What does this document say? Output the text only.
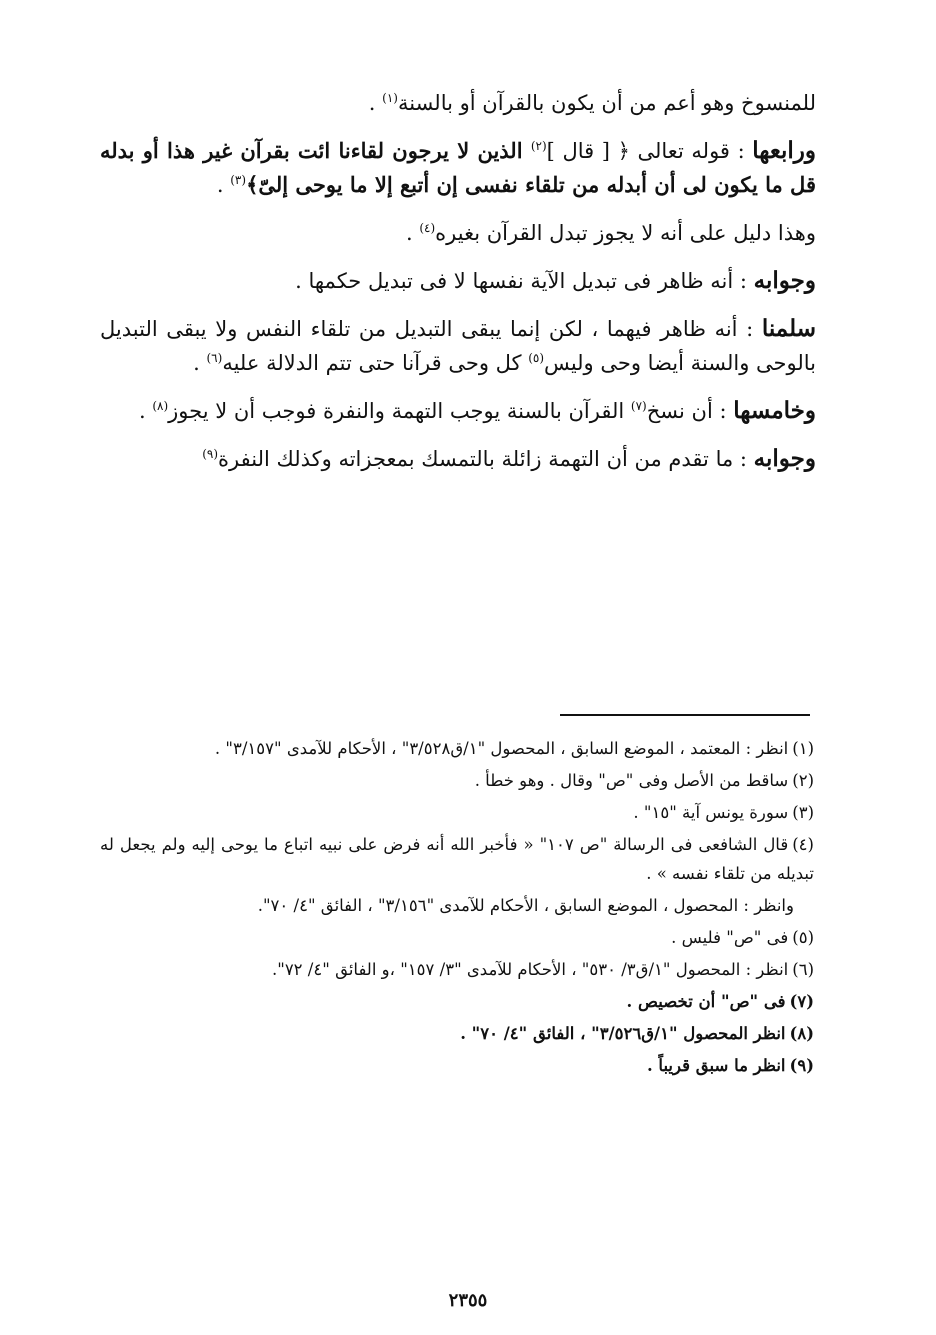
للمنسوخ وهو أعم من أن يكون بالقرآن أو بالسنة$^{(١)}$ .

ورابعها : قوله تعالى ﴿ [ قال ]$^{(٢)}$ الذين لا يرجون لقاءنا ائت بقرآن غير هذا أو بدله قل ما يكون لى أن أبدله من تلقاء نفسى إن أتبع إلا ما يوحى إلىّ﴾$^{(٣)}$ .

وهذا دليل على أنه لا يجوز تبدل القرآن بغيره$^{(٤)}$ .

وجوابه : أنه ظاهر فى تبديل الآية نفسها لا فى تبديل حكمها .

سلمنا : أنه ظاهر فيهما ، لكن إنما يبقى التبديل من تلقاء النفس ولا يبقى التبديل بالوحى والسنة أيضا وحى وليس$^{(٥)}$ كل وحى قرآنا حتى تتم الدلالة عليه$^{(٦)}$ .

وخامسها : أن نسخ$^{(٧)}$ القرآن بالسنة يوجب التهمة والنفرة فوجب أن لا يجوز$^{(٨)}$ .

وجوابه : ما تقدم من أن التهمة زائلة بالتمسك بمعجزاته وكذلك النفرة$^{(٩)}$

(١)انظر : المعتمد ، الموضع السابق ، المحصول "١/ق٣/٥٢٨" ، الأحكام للآمدى "٣/١٥٧" .
(٢)ساقط من الأصل وفى "ص" وقال . وهو خطأ .
(٣)سورة يونس آية "١٥" .
(٤)قال الشافعى فى الرسالة "ص ١٠٧" « فأخبر الله أنه فرض على نبيه اتباع ما يوحى إليه ولم يجعل له تبديله من تلقاء نفسه » .
وانظر : المحصول ، الموضع السابق ، الأحكام للآمدى "٣/١٥٦" ، الفائق "٤/ ٧٠".
(٥)فى "ص" فليس .
(٦)انظر : المحصول "١/ق٣/ ٥٣٠" ، الأحكام للآمدى "٣/ ١٥٧" ،و الفائق "٤/ ٧٢".
(٧)فى "ص" أن تخصيص .
(٨)انظر المحصول "١/ق٣/٥٢٦" ، الفائق "٤/ ٧٠" .
(٩)انظر ما سبق قريباً .
٢٣٥٥
